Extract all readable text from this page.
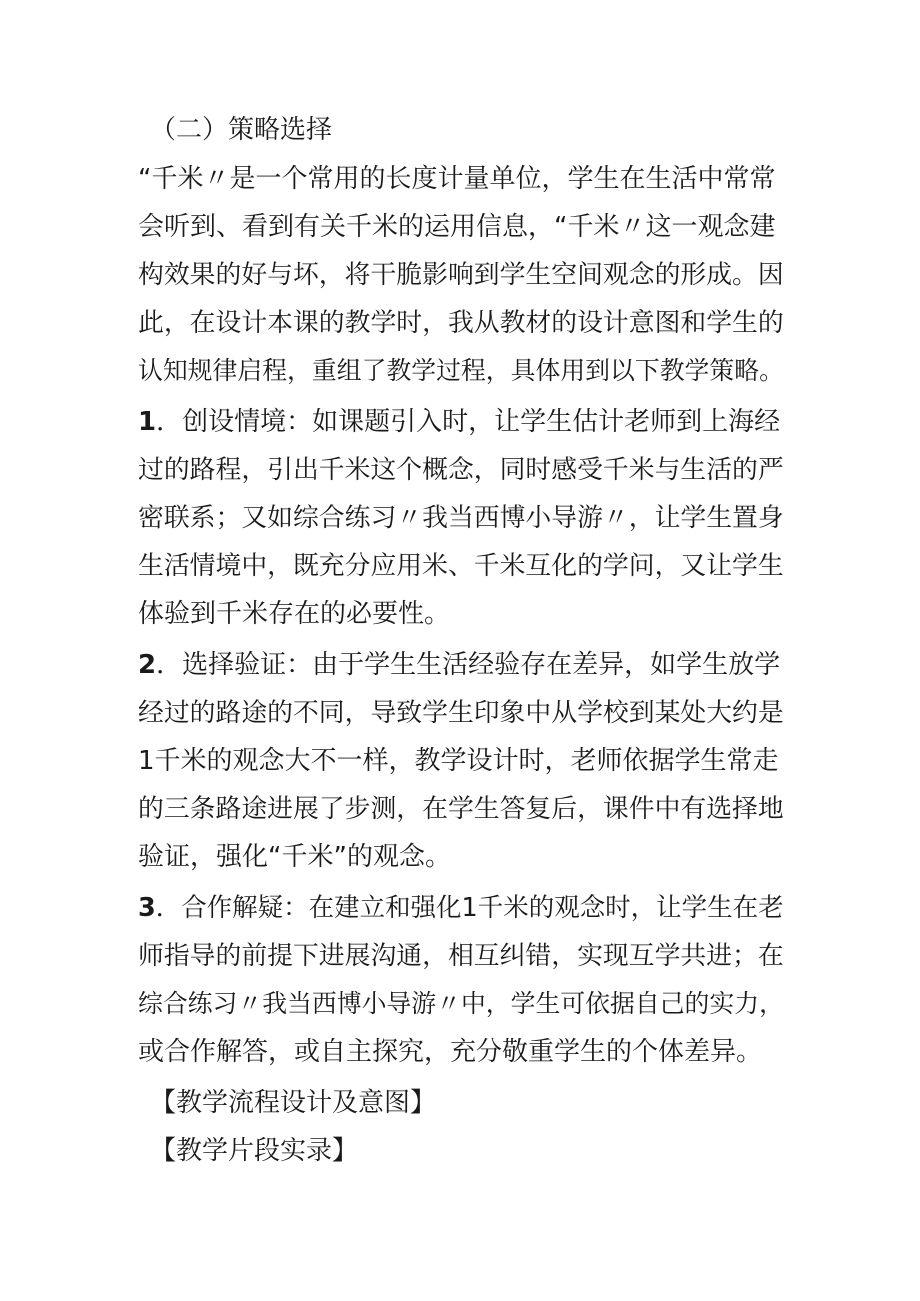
（二）策略选择
“千米〃是一个常用的长度计量单位，学生在生活中常常
会听到、看到有关千米的运用信息，“千米〃这一观念建
构效果的好与坏，将干脆影响到学生空间观念的形成。因
此，在设计本课的教学时，我从教材的设计意图和学生的
认知规律启程，重组了教学过程，具体用到以下教学策略。
1．创设情境：如课题引入时，让学生估计老师到上海经
过的路程，引出千米这个概念，同时感受千米与生活的严
密联系；又如综合练习〃我当西博小导游〃，让学生置身
生活情境中，既充分应用米、千米互化的学问，又让学生
体验到千米存在的必要性。
2．选择验证：由于学生生活经验存在差异，如学生放学
经过的路途的不同，导致学生印象中从学校到某处大约是
1千米的观念大不一样，教学设计时，老师依据学生常走
的三条路途进展了步测，在学生答复后，课件中有选择地
验证，强化“千米”的观念。
3．合作解疑：在建立和强化1千米的观念时，让学生在老
师指导的前提下进展沟通，相互纠错，实现互学共进；在
综合练习〃我当西博小导游〃中，学生可依据自己的实力，
或合作解答，或自主探究，充分敬重学生的个体差异。
【教学流程设计及意图】
【教学片段实录】
